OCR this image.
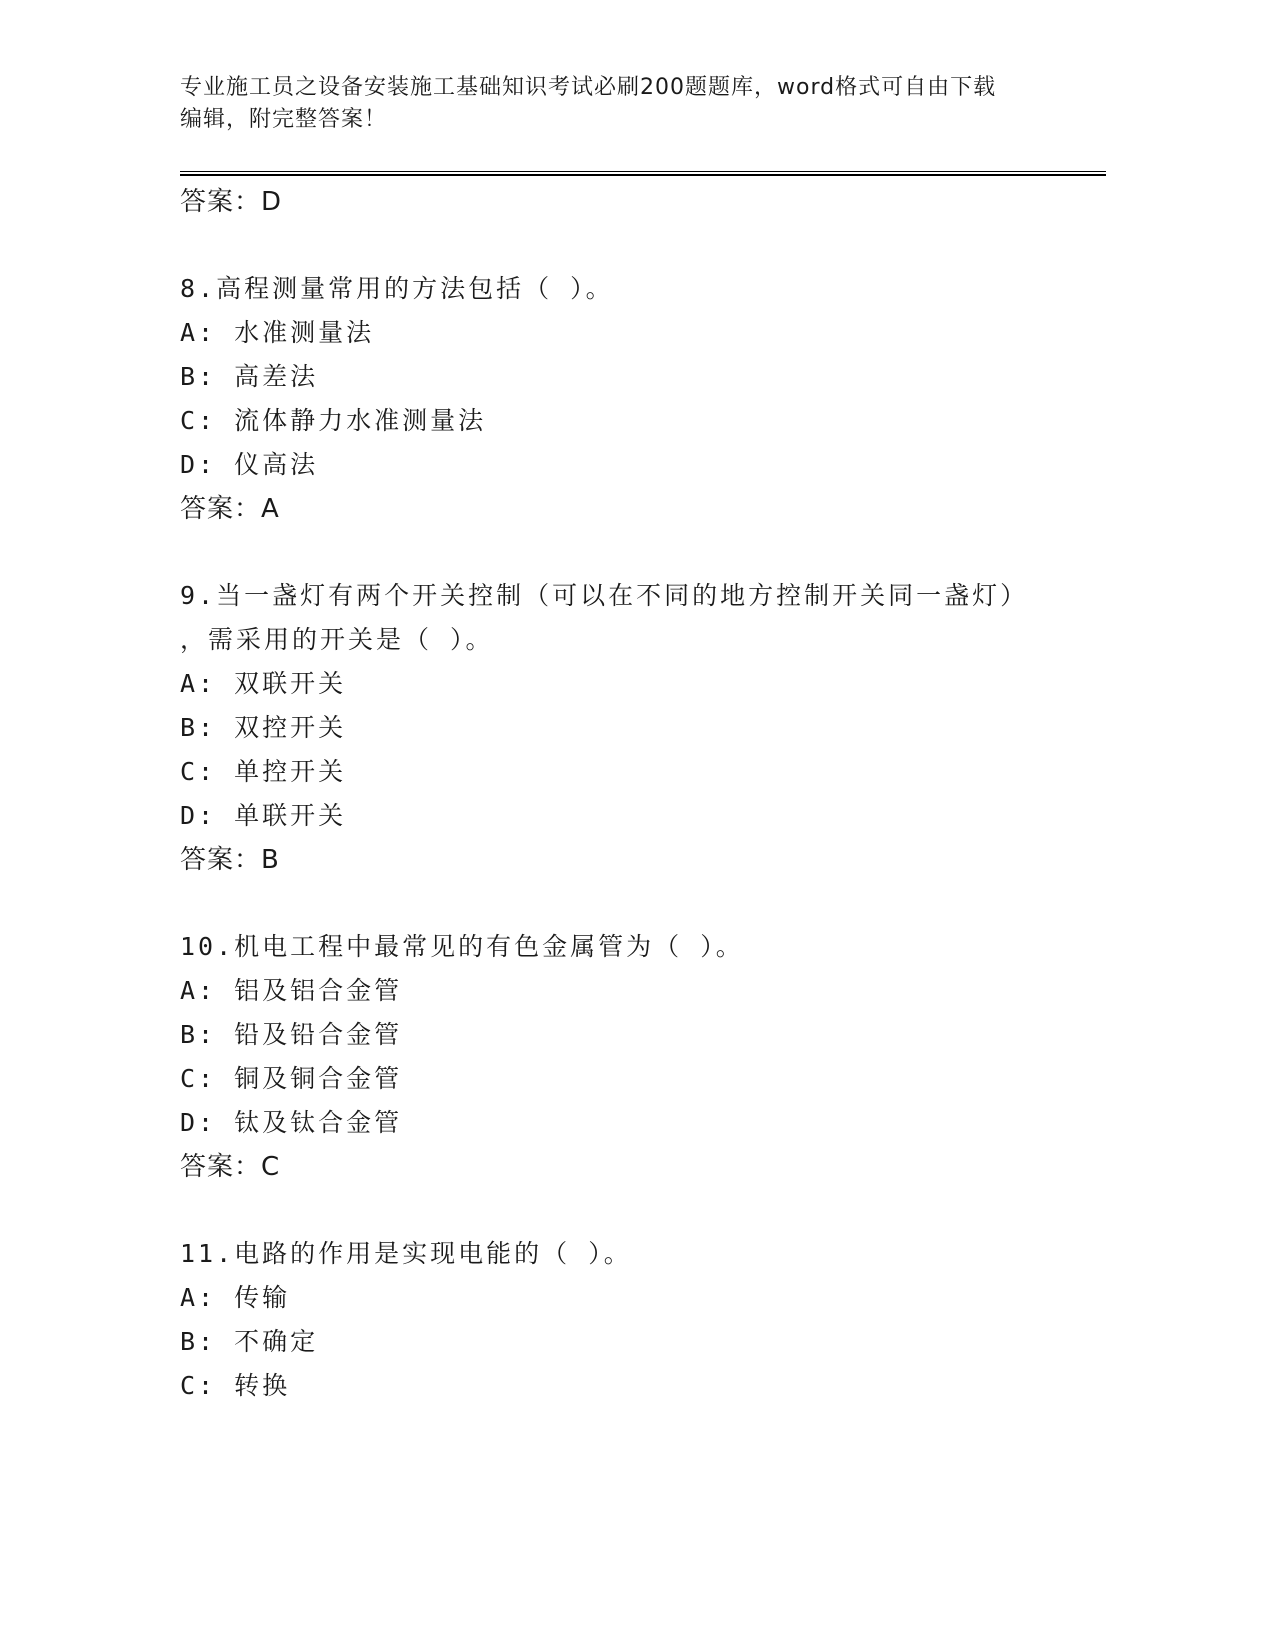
专业施工员之设备安装施工基础知识考试必刷200题题库，word格式可自由下载
编辑，附完整答案！
答案：D
8.高程测量常用的方法包括（ ）。
A: 水准测量法
B: 高差法
C: 流体静力水准测量法
D: 仪高法
答案：A
9.当一盏灯有两个开关控制（可以在不同的地方控制开关同一盏灯）
，需采用的开关是（ ）。
A: 双联开关
B: 双控开关
C: 单控开关
D: 单联开关
答案：B
10.机电工程中最常见的有色金属管为（ ）。
A: 铝及铝合金管
B: 铅及铅合金管
C: 铜及铜合金管
D: 钛及钛合金管
答案：C
11.电路的作用是实现电能的（ ）。
A: 传输
B: 不确定
C: 转换
